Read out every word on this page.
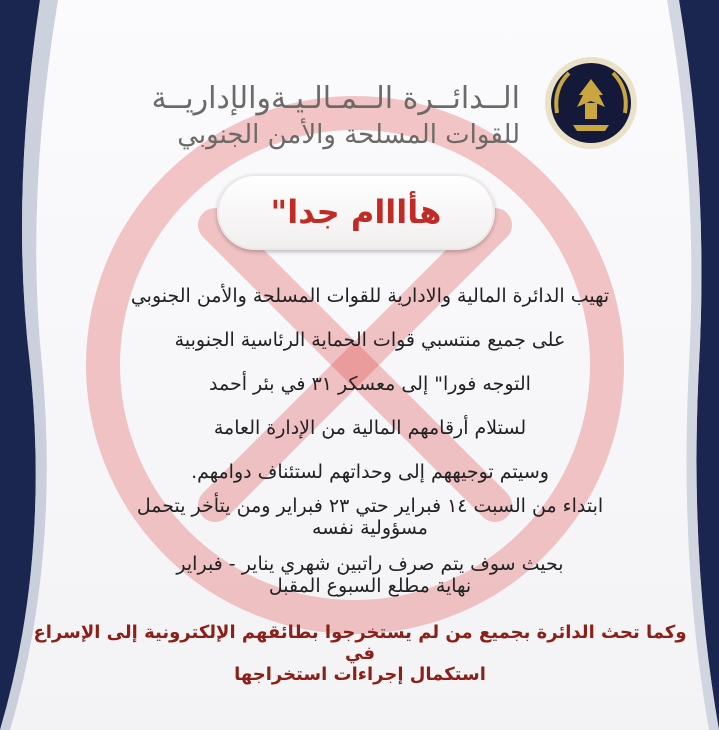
الــدائــرة الــمـالـيـةوالإداريــة
للقوات المسلحة والأمن الجنوبي
هأااام جدا"
تهيب الدائرة المالية والادارية للقوات المسلحة والأمن الجنوبي
على جميع منتسبي قوات الحماية الرئاسية الجنوبية
التوجه فورا" إلى معسكر ٣١ في بئر أحمد
لستلام أرقامهم المالية من الإدارة العامة
وسيتم توجيههم إلى وحداتهم لستئناف دوامهم.
ابتداء من السبت ١٤ فبراير حتي ٢٣ فبراير ومن يتأخر يتحمل
مسؤولية نفسه
بحيث سوف يتم صرف راتبين شهري يناير - فبراير
نهاية مطلع السبوع المقبل
وكما تحث الدائرة بجميع من لم يستخرجوا بطائقهم الإلكترونية إلى الإسراع في
استكمال إجراءات استخراجها
